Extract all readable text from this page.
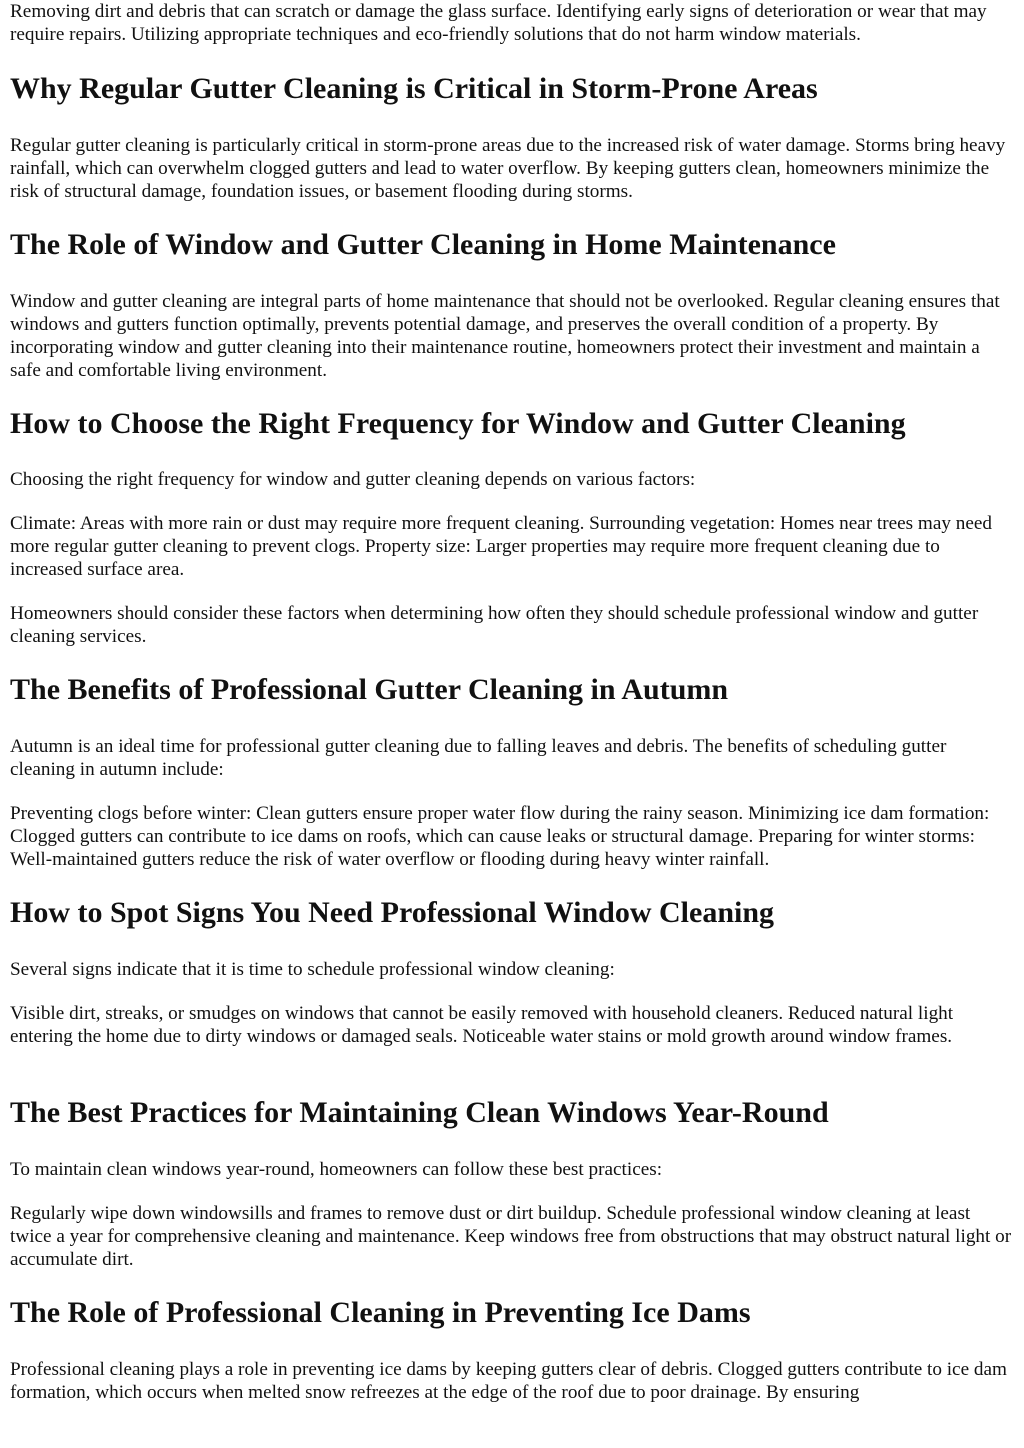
Removing dirt and debris that can scratch or damage the glass surface. Identifying early signs of deterioration or wear that may require repairs. Utilizing appropriate techniques and eco-friendly solutions that do not harm window materials.

Why Regular Gutter Cleaning is Critical in Storm-Prone Areas

Regular gutter cleaning is particularly critical in storm-prone areas due to the increased risk of water damage. Storms bring heavy rainfall, which can overwhelm clogged gutters and lead to water overflow. By keeping gutters clean, homeowners minimize the risk of structural damage, foundation issues, or basement flooding during storms.

The Role of Window and Gutter Cleaning in Home Maintenance

Window and gutter cleaning are integral parts of home maintenance that should not be overlooked. Regular cleaning ensures that windows and gutters function optimally, prevents potential damage, and preserves the overall condition of a property. By incorporating window and gutter cleaning into their maintenance routine, homeowners protect their investment and maintain a safe and comfortable living environment.

How to Choose the Right Frequency for Window and Gutter Cleaning

Choosing the right frequency for window and gutter cleaning depends on various factors:

Climate: Areas with more rain or dust may require more frequent cleaning. Surrounding vegetation: Homes near trees may need more regular gutter cleaning to prevent clogs. Property size: Larger properties may require more frequent cleaning due to increased surface area.

Homeowners should consider these factors when determining how often they should schedule professional window and gutter cleaning services.

The Benefits of Professional Gutter Cleaning in Autumn

Autumn is an ideal time for professional gutter cleaning due to falling leaves and debris. The benefits of scheduling gutter cleaning in autumn include:

Preventing clogs before winter: Clean gutters ensure proper water flow during the rainy season. Minimizing ice dam formation: Clogged gutters can contribute to ice dams on roofs, which can cause leaks or structural damage. Preparing for winter storms: Well-maintained gutters reduce the risk of water overflow or flooding during heavy winter rainfall.

How to Spot Signs You Need Professional Window Cleaning

Several signs indicate that it is time to schedule professional window cleaning:

Visible dirt, streaks, or smudges on windows that cannot be easily removed with household cleaners. Reduced natural light entering the home due to dirty windows or damaged seals. Noticeable water stains or mold growth around window frames.

The Best Practices for Maintaining Clean Windows Year-Round

To maintain clean windows year-round, homeowners can follow these best practices:

Regularly wipe down windowsills and frames to remove dust or dirt buildup. Schedule professional window cleaning at least twice a year for comprehensive cleaning and maintenance. Keep windows free from obstructions that may obstruct natural light or accumulate dirt.

The Role of Professional Cleaning in Preventing Ice Dams

Professional cleaning plays a role in preventing ice dams by keeping gutters clear of debris. Clogged gutters contribute to ice dam formation, which occurs when melted snow refreezes at the edge of the roof due to poor drainage. By ensuring
